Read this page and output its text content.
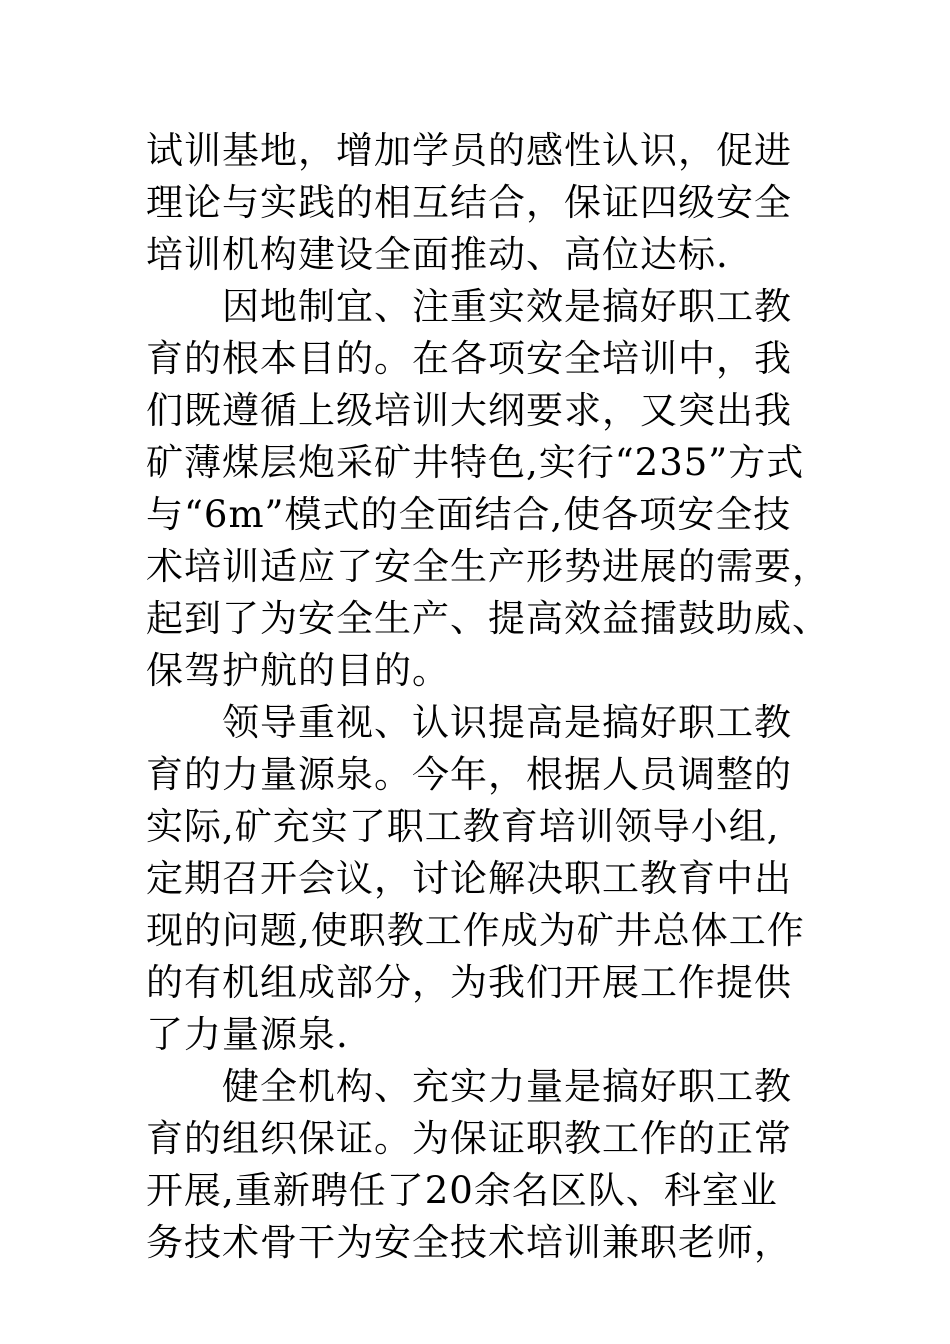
试训基地，增加学员的感性认识，促进
理论与实践的相互结合，保证四级安全
培训机构建设全面推动、高位达标.
因地制宜、注重实效是搞好职工教
育的根本目的。在各项安全培训中，我
们既遵循上级培训大纲要求，又突出我
矿薄煤层炮采矿井特色,实行“235”方式
与“6m”模式的全面结合,使各项安全技
术培训适应了安全生产形势进展的需要，
起到了为安全生产、提高效益擂鼓助威、
保驾护航的目的。
领导重视、认识提高是搞好职工教
育的力量源泉。今年，根据人员调整的
实际,矿充实了职工教育培训领导小组,
定期召开会议，讨论解决职工教育中出
现的问题,使职教工作成为矿井总体工作
的有机组成部分，为我们开展工作提供
了力量源泉.
健全机构、充实力量是搞好职工教
育的组织保证。为保证职教工作的正常
开展,重新聘任了20余名区队、科室业
务技术骨干为安全技术培训兼职老师，
